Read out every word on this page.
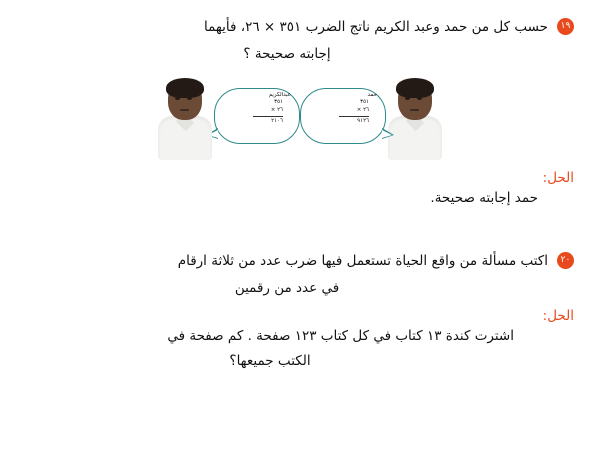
١٩
حسب كل من حمد وعبد الكريم ناتج الضرب ٣٥١ × ٢٦، فأيهما
إجابته صحيحة ؟
حمد
٣٥١
٢٦ ×
٩١٢٦
عبدالكريم
٣٥١
٢٦ ×
٢١٠٦
الحل:
حمد إجابته صحيحة.
٢٠
اكتب مسألة من واقع الحياة تستعمل فيها ضرب عدد من ثلاثة ارقام
في عدد من رقمين
الحل:
اشترت كندة ١٣ كتاب في كل كتاب ١٢٣ صفحة . كم صفحة في
الكتب جميعها؟
